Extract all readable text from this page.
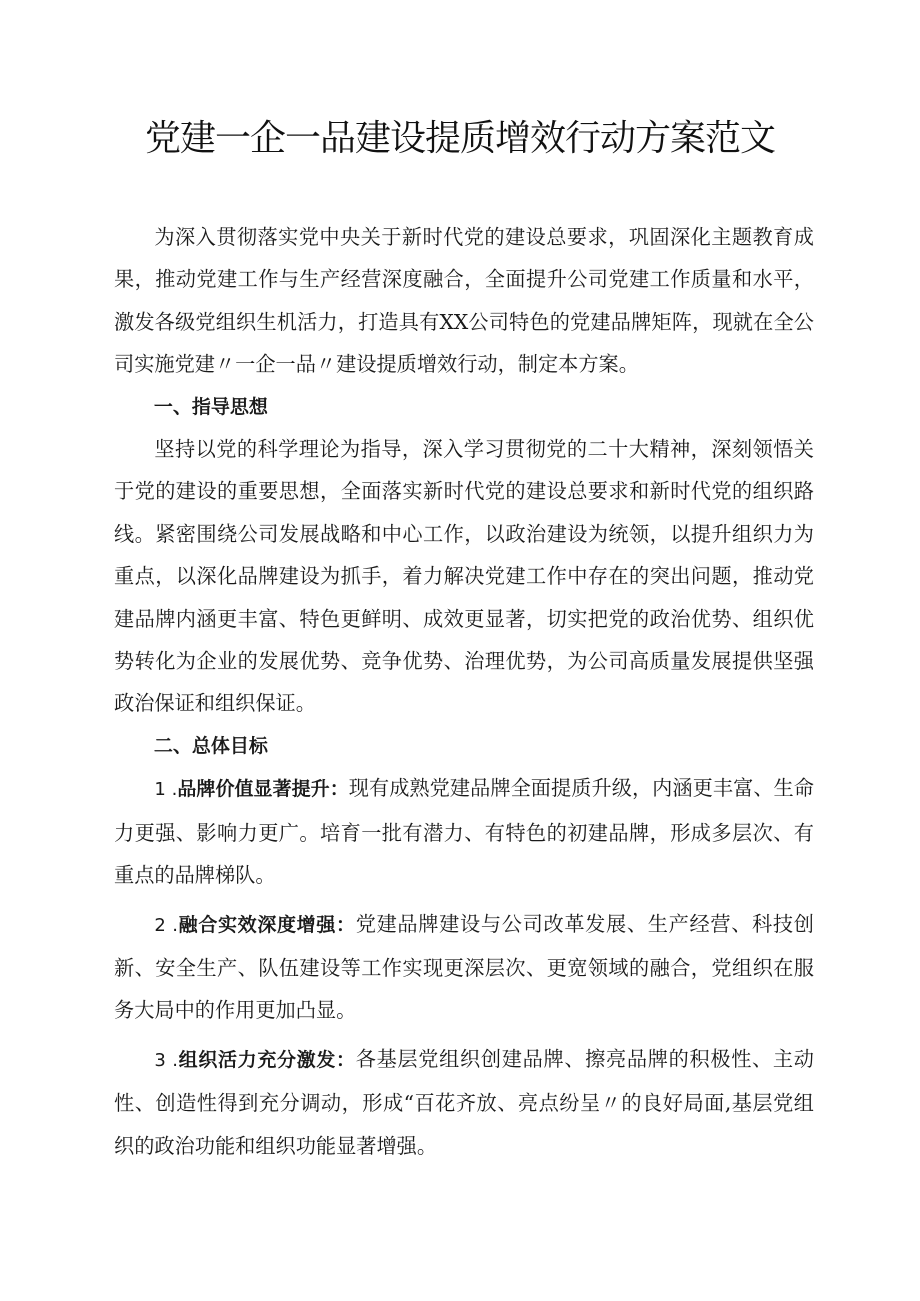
党建一企一品建设提质增效行动方案范文

为深入贯彻落实党中央关于新时代党的建设总要求，巩固深化主题教育成果，推动党建工作与生产经营深度融合，全面提升公司党建工作质量和水平，激发各级党组织生机活力，打造具有XX公司特色的党建品牌矩阵，现就在全公司实施党建〃一企一品〃建设提质增效行动，制定本方案。

一、指导思想

坚持以党的科学理论为指导，深入学习贯彻党的二十大精神，深刻领悟关于党的建设的重要思想，全面落实新时代党的建设总要求和新时代党的组织路线。紧密围绕公司发展战略和中心工作，以政治建设为统领，以提升组织力为重点，以深化品牌建设为抓手，着力解决党建工作中存在的突出问题，推动党建品牌内涵更丰富、特色更鲜明、成效更显著，切实把党的政治优势、组织优势转化为企业的发展优势、竞争优势、治理优势，为公司高质量发展提供坚强政治保证和组织保证。

二、总体目标

1 .品牌价值显著提升：现有成熟党建品牌全面提质升级，内涵更丰富、生命力更强、影响力更广。培育一批有潜力、有特色的初建品牌，形成多层次、有重点的品牌梯队。

2 .融合实效深度增强：党建品牌建设与公司改革发展、生产经营、科技创新、安全生产、队伍建设等工作实现更深层次、更宽领域的融合，党组织在服务大局中的作用更加凸显。

3 .组织活力充分激发：各基层党组织创建品牌、擦亮品牌的积极性、主动性、创造性得到充分调动，形成“百花齐放、亮点纷呈〃的良好局面,基层党组织的政治功能和组织功能显著增强。
